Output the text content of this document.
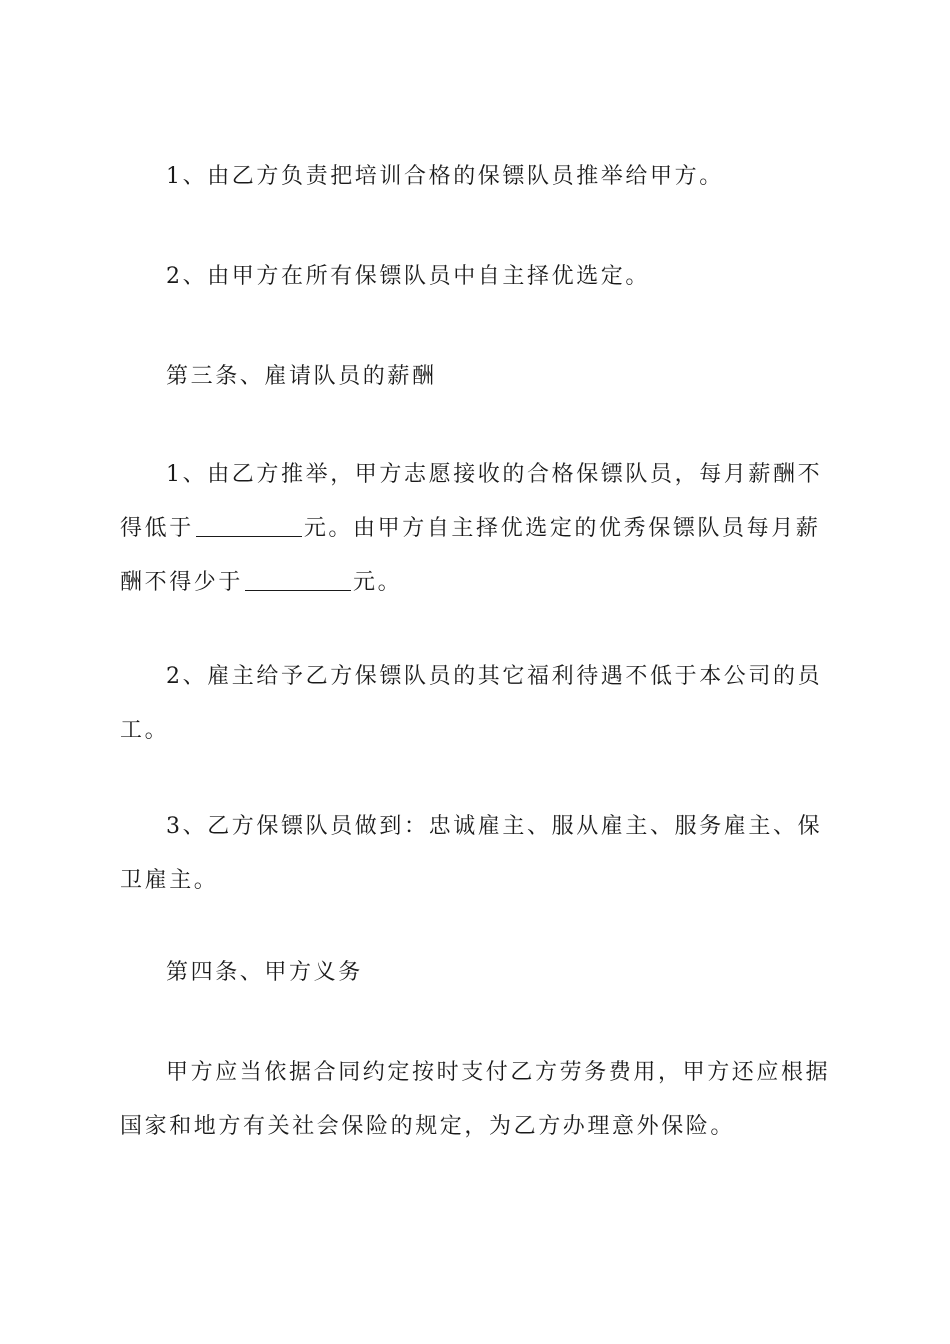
1、由乙方负责把培训合格的保镖队员推举给甲方。

2、由甲方在所有保镖队员中自主择优选定。

第三条、雇请队员的薪酬

1、由乙方推举，甲方志愿接收的合格保镖队员，每月薪酬不得低于	元。由甲方自主择优选定的优秀保镖队员每月薪酬不得少于	元。

2、雇主给予乙方保镖队员的其它福利待遇不低于本公司的员工。

3、乙方保镖队员做到：忠诚雇主、服从雇主、服务雇主、保卫雇主。

第四条、甲方义务

甲方应当依据合同约定按时支付乙方劳务费用，甲方还应根据国家和地方有关社会保险的规定，为乙方办理意外保险。
